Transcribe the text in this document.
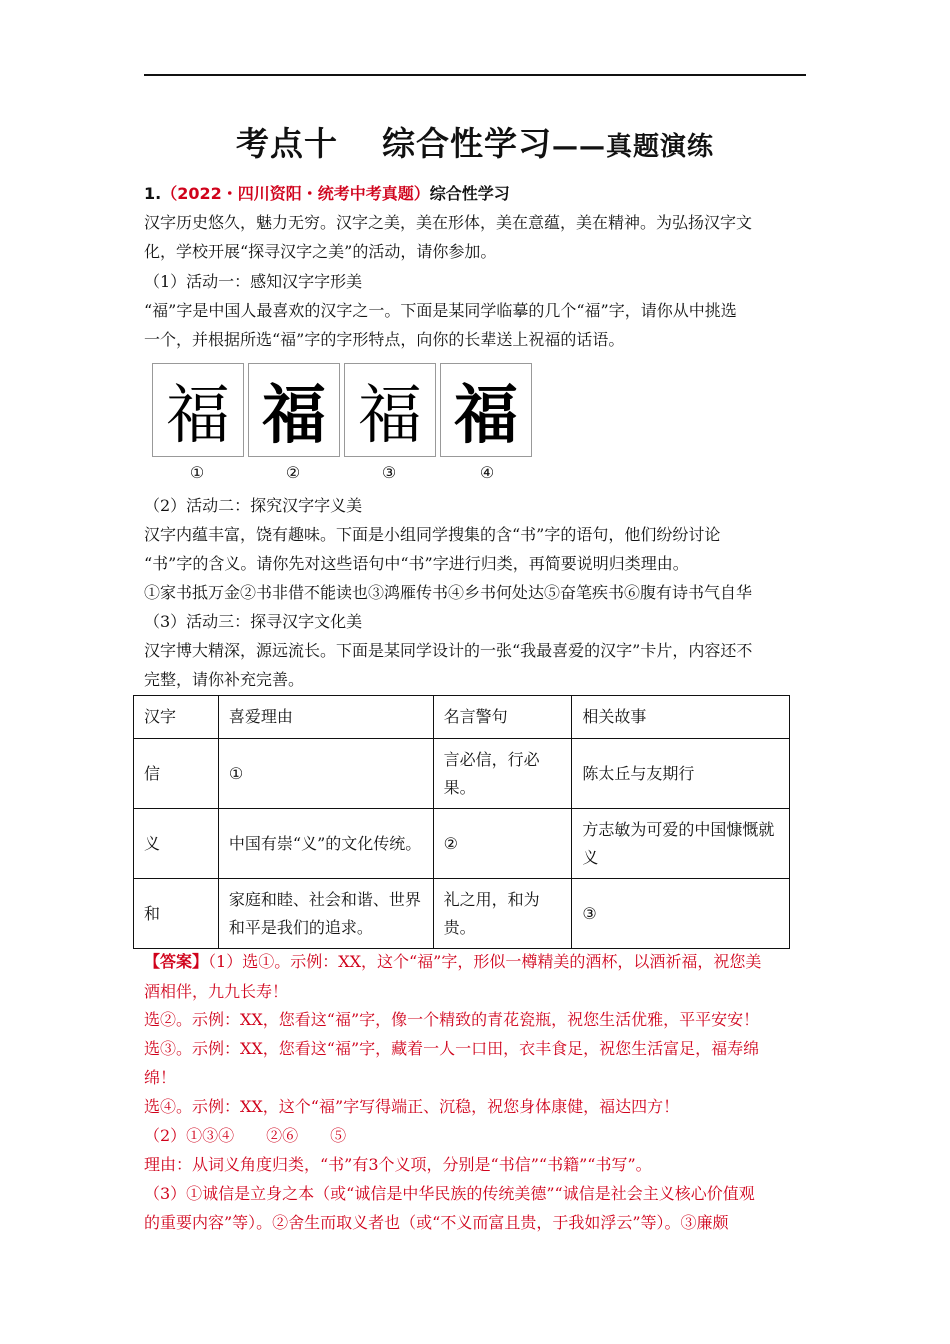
考点十 综合性学习——真题演练
1.（2022・四川资阳・统考中考真题）综合性学习
汉字历史悠久，魅力无穷。汉字之美，美在形体，美在意蕴，美在精神。为弘扬汉字文
化，学校开展“探寻汉字之美”的活动，请你参加。
（1）活动一：感知汉字字形美
“福”字是中国人最喜欢的汉字之一。下面是某同学临摹的几个“福”字，请你从中挑选
一个，并根据所选“福”字的字形特点，向你的长辈送上祝福的话语。
福 福 福 福
①	②	③	④
（2）活动二：探究汉字字义美
汉字内蕴丰富，饶有趣味。下面是小组同学搜集的含“书”字的语句，他们纷纷讨论
“书”字的含义。请你先对这些语句中“书”字进行归类，再简要说明归类理由。
①家书抵万金②书非借不能读也③鸿雁传书④乡书何处达⑤奋笔疾书⑥腹有诗书气自华
（3）活动三：探寻汉字文化美
汉字博大精深，源远流长。下面是某同学设计的一张“我最喜爱的汉字”卡片，内容还不
完整，请你补充完善。
汉字	喜爱理由	名言警句	相关故事
信	①	言必信，行必果。	陈太丘与友期行
义	中国有崇“义”的文化传统。	②	方志敏为可爱的中国慷慨就义
和	家庭和睦、社会和谐、世界和平是我们的追求。	礼之用，和为贵。	③
【答案】（1）选①。示例：XX，这个“福”字，形似一樽精美的酒杯，以酒祈福，祝您美
酒相伴，九九长寿！
选②。示例：XX，您看这“福”字，像一个精致的青花瓷瓶，祝您生活优雅，平平安安！
选③。示例：XX，您看这“福”字，藏着一人一口田，衣丰食足，祝您生活富足，福寿绵
绵！
选④。示例：XX，这个“福”字写得端正、沉稳，祝您身体康健，福达四方！
（2）①③④　　②⑥　　⑤
理由：从词义角度归类，“书”有3个义项，分别是“书信”“书籍”“书写”。
（3）①诚信是立身之本（或“诚信是中华民族的传统美德”“诚信是社会主义核心价值观
的重要内容”等）。②舍生而取义者也（或“不义而富且贵，于我如浮云”等）。③廉颇
